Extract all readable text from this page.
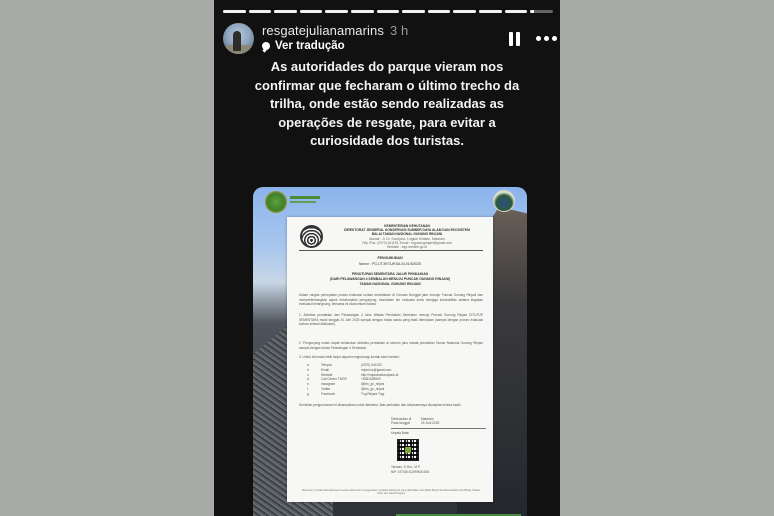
resgatejulianamarins 3 h
Ver tradução
As autoridades do parque vieram nos confirmar que fecharam o último trecho da trilha, onde estão sendo realizadas as operações de resgate, para evitar a curiosidade dos turistas.
KEMENTERIAN KEHUTANAN
DIREKTORAT JENDERAL KONSERVASI SUMBER DAYA ALAM DAN EKOSISTEM
BALAI TAMAN NASIONAL GUNUNG RINJANI
Alamat : Jl. Dr. Soedjono, Lingkar Selatan, Mataram
Telp./Fax. (0370) 641193, Email : tngunungrinjani@gmail.com
Website : tngr.menlhk.go.id
PENGUMUMAN
Nomor : PG.1/T.39/TU/KSA.04.01/6/2025
PENUTUPAN SEMENTARA JALUR PENDAKIAN
(DARI PELAWANGAN 4 SEMBALUN MENUJU PUNCAK GUNUNG RINJANI)
TAMAN NASIONAL GUNUNG RINJANI
Dalam rangka percepatan proses evakuasi korban kecelakaan di Cemara Nunggal jalur menuju Puncak Gunung Rinjani dan mempertimbangkan aspek keselamatan pengunjung, kesehatan tim evakuasi serta menjaga kondusifitas selama kegiatan evakuasi berlangsung, bersama ini diumumkan bahwa:
1. Aktivitas pendakian dari Pelawangan 4 Jalur Wisata Pendakian Sembalun menuju Puncak Gunung Rinjani DITUTUP SEMENTARA mulai tanggal 24 Juni 2025 sampai dengan batas waktu yang tidak ditentukan (sampai dengan proses evakuasi korban selesai dilakukan).
2. Pengunjung masih dapat melakukan aktivitas pendakian di seluruh jalur wisata pendakian Taman Nasional Gunung Rinjani sampai dengan lokasi Pelawangan 4 Sembalun.
3. Untuk informasi lebih lanjut dapat menghubungi kontak kami melalui:
a.	Telepon	(0370) 641193
b.	Email	rinjani.cs@gmail.com
c.	Website	http://rinjaninationalpark.id
d.	Call Center TNGR	+6281528509
e.	Instagram	@btn_gn_rinjani
f.	Twitter	@btn_gn_rinjani
g.	Facebook	Tng Rinjani Tngr
Demikian pengumuman ini disampaikan untuk diketahui. Atas perhatian dan kerjasamanya diucapkan terima kasih.
Dikeluarkan di	Mataram
Pada tanggal	24 Juni 2025
Kepala Balai
Yarman, S.Hut., M.P.
NIP. 197300111999031006
Dokumen ini telah ditandatangani secara elektronik menggunakan sertifikat elektronik yang diterbitkan oleh Balai Besar Sertifikasi Elektronik (BSrE), Badan Siber dan Sandi Negara
